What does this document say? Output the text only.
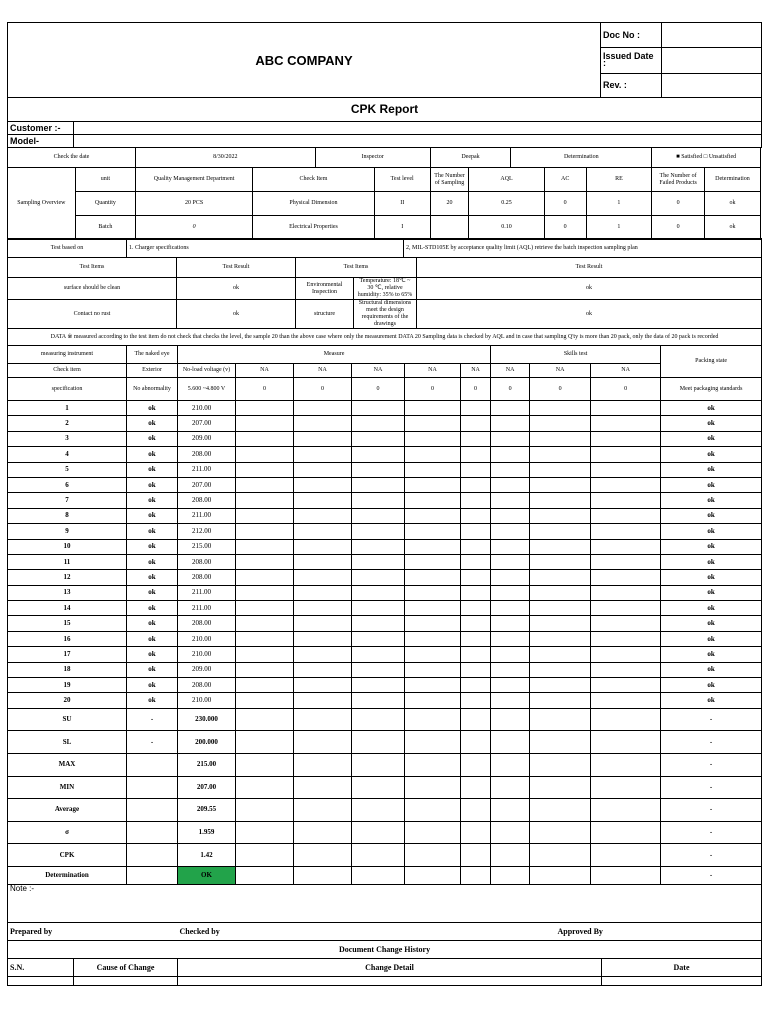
ABC COMPANY	Doc No :	
	Issued Date :	
	Rev. :	
CPK Report	
Customer :-	
Model-	
Check the date		8/30/2022		Inspector		Deepak		Determination			■ Satisfied □ Unsatisfied	
Sampling Overview	unit	Quality Management Department	Check Item		Test level	The Number of Sampling	AQL		AC	RE	The Number of Failed Products	Determination
	Quantity	20 PCS	Physical Dimension		II	20	0.25		0	1	0	ok
	Batch	0	Electrical Properties		I		0.10		0	1	0	ok
Test based on	1. Charger specifications	2, MIL-STD105E by acceptance quality limit (AQL) retrieve the batch inspection sampling plan
Test Items	Test Result	Test Items		Test Result
surface should be clean	ok	Environmental Inspection	Temperature: 18℃ ~ 30 ℃, relative humidity: 35% to 65%	ok
Contact no rust	ok	structure	Structural dimensions meet the design requirements of the drawings	ok
DATA ※ measured according to the test item do not check that checks the level, the sample 20 than the above case where only the measurement DATA 20 Sampling data is checked by AQL and in case that sampling Q'ty is more than 20 pack, only the data of 20 pack is recorded
measuring instrument	The naked eye	Measure						Skills test			Packing state
Check item	Exterior	No-load voltage (v)	NA	NA	NA	NA	NA	NA	NA	NA	
specification	No abnormality	5.600 ~4.800 V	0	0	0	0	0	0	0	0	Meet packaging standards
1	ok	210.00									ok
2	ok	207.00									ok
3	ok	209.00									ok
4	ok	208.00									ok
5	ok	211.00									ok
6	ok	207.00									ok
7	ok	208.00									ok
8	ok	211.00									ok
9	ok	212.00									ok
10	ok	215.00									ok
11	ok	208.00									ok
12	ok	208.00									ok
13	ok	211.00									ok
14	ok	211.00									ok
15	ok	208.00									ok
16	ok	210.00									ok
17	ok	210.00									ok
18	ok	209.00									ok
19	ok	208.00									ok
20	ok	210.00									ok
SU	-	230.000									-
SL	-	200.000									-
MAX		215.00									-
MIN		207.00									-
Average		209.55									-
σ		1.959									-
CPK		1.42									-
Determination		OK									-
Note :-
Prepared by	Checked by	Approved By
Document Change History			
S.N.	Cause of Change	Change Detail	Date
